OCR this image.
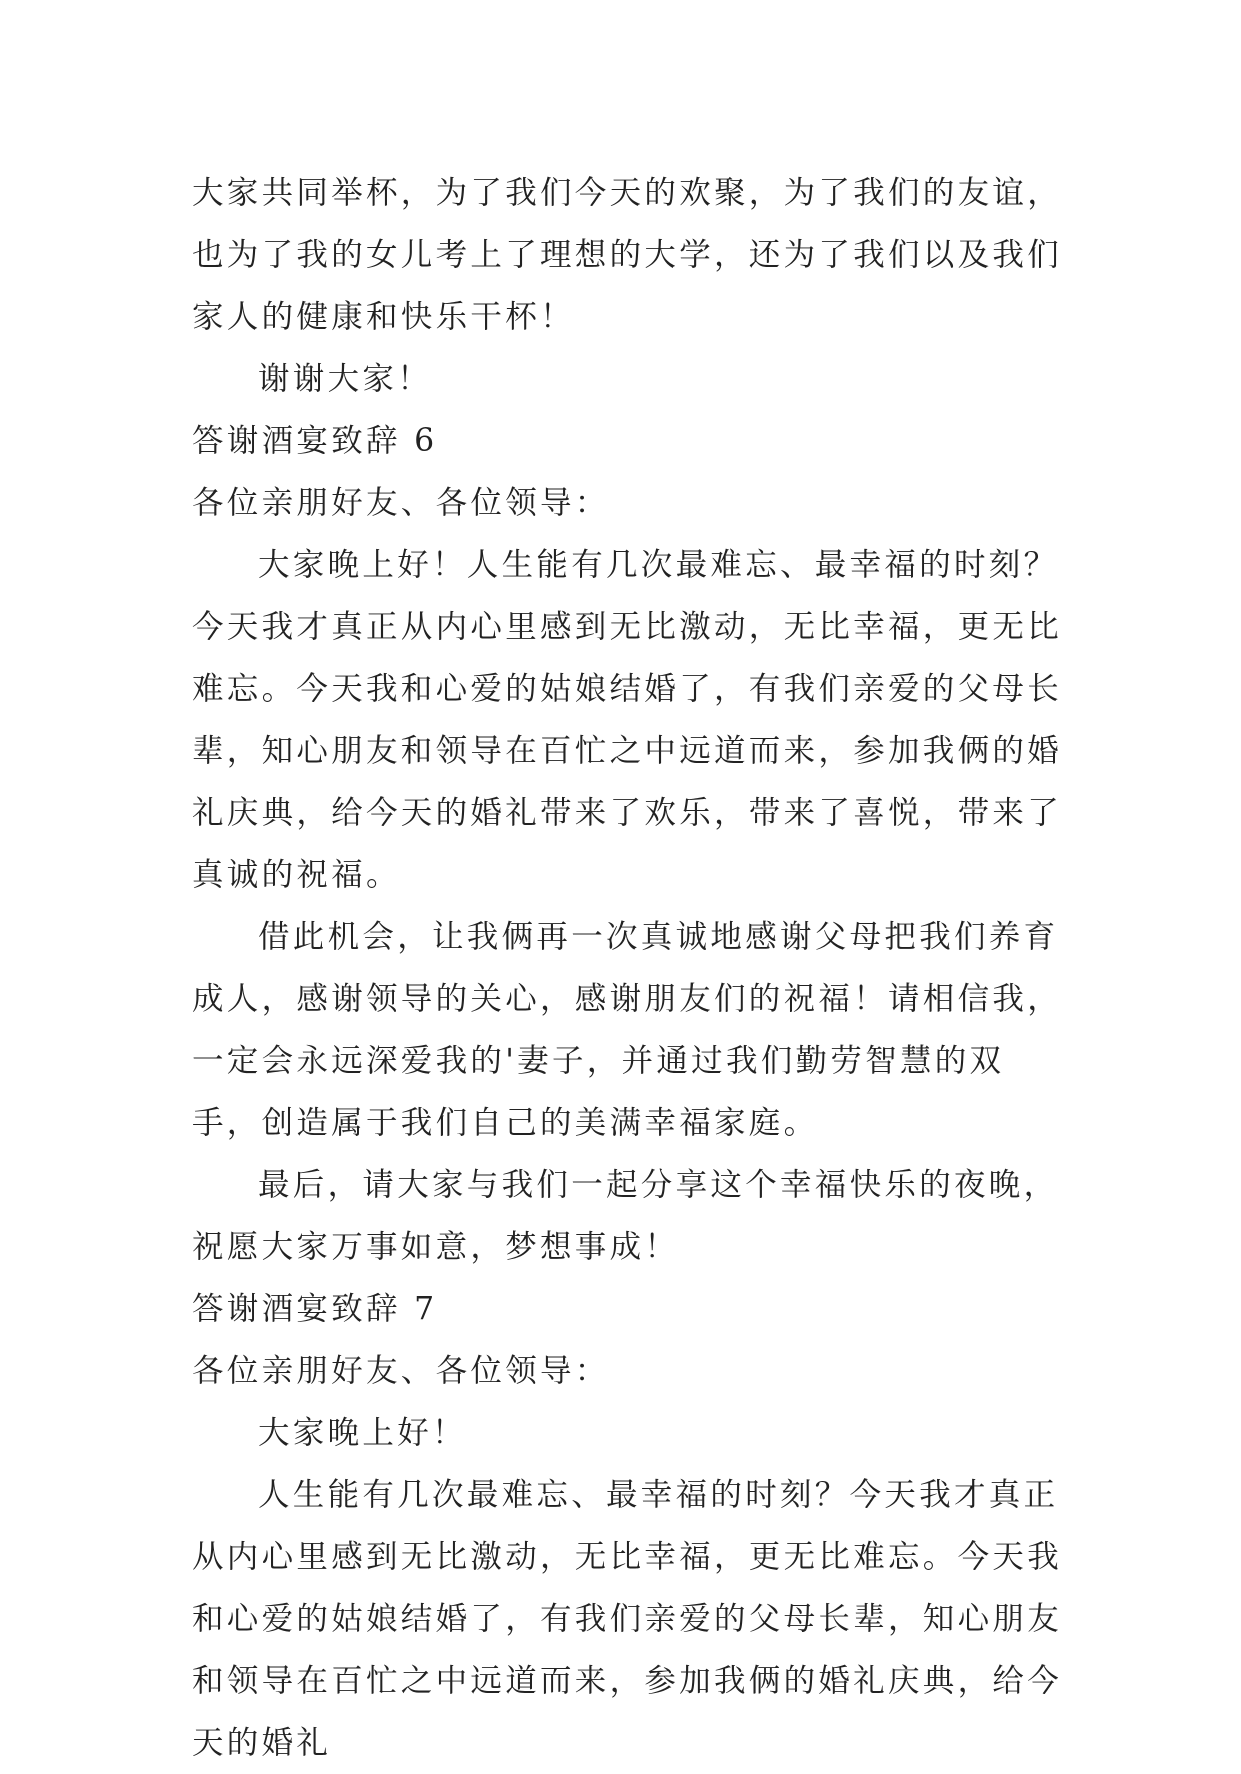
大家共同举杯，为了我们今天的欢聚，为了我们的友谊，也为了我的女儿考上了理想的大学，还为了我们以及我们家人的健康和快乐干杯！

谢谢大家！

答谢酒宴致辞 6

各位亲朋好友、各位领导：

大家晚上好！人生能有几次最难忘、最幸福的时刻？今天我才真正从内心里感到无比激动，无比幸福，更无比难忘。今天我和心爱的姑娘结婚了，有我们亲爱的父母长辈，知心朋友和领导在百忙之中远道而来，参加我俩的婚礼庆典，给今天的婚礼带来了欢乐，带来了喜悦，带来了真诚的祝福。

借此机会，让我俩再一次真诚地感谢父母把我们养育成人，感谢领导的关心，感谢朋友们的祝福！请相信我，一定会永远深爱我的'妻子，并通过我们勤劳智慧的双手，创造属于我们自己的美满幸福家庭。

最后，请大家与我们一起分享这个幸福快乐的夜晚，祝愿大家万事如意，梦想事成！

答谢酒宴致辞 7

各位亲朋好友、各位领导：

大家晚上好！

人生能有几次最难忘、最幸福的时刻？今天我才真正从内心里感到无比激动，无比幸福，更无比难忘。今天我和心爱的姑娘结婚了，有我们亲爱的父母长辈，知心朋友和领导在百忙之中远道而来，参加我俩的婚礼庆典，给今天的婚礼
